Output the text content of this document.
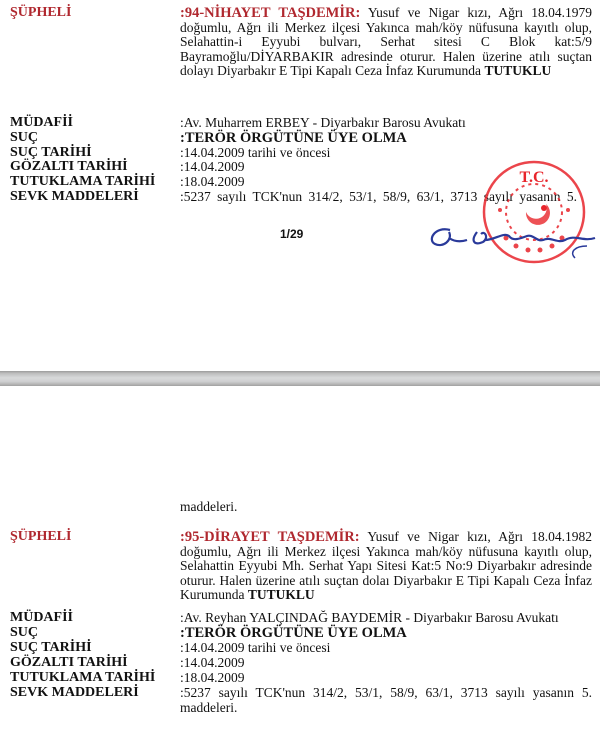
ŞÜPHELİ	:94-NİHAYET TAŞDEMİR: Yusuf ve Nigar kızı, Ağrı 18.04.1979 doğumlu, Ağrı ili Merkez ilçesi Yakınca mah/köy nüfusuna kayıtlı olup, Selahattin-i Eyyubi bulvarı, Serhat sitesi C Blok kat:5/9 Bayramoğlu/DİYARBAKIR adresinde oturur. Halen üzerine atılı suçtan dolayı Diyarbakır E Tipi Kapalı Ceza İnfaz Kurumunda TUTUKLU
MÜDAFİİ	:Av. Muharrem ERBEY - Diyarbakır Barosu Avukatı
SUÇ	:TERÖR ÖRGÜTÜNE ÜYE OLMA
SUÇ TARİHİ	:14.04.2009 tarihi ve öncesi
GÖZALTI TARİHİ	:14.04.2009
TUTUKLAMA TARİHİ :18.04.2009
SEVK MADDELERİ	:5237 sayılı TCK'nun 314/2, 53/1, 58/9, 63/1, 3713 sayılı yasanın 5.
1/29
T.C.
maddeleri.
ŞÜPHELİ	:95-DİRAYET TAŞDEMİR: Yusuf ve Nigar kızı, Ağrı 18.04.1982 doğumlu, Ağrı ili Merkez ilçesi Yakınca mah/köy nüfusuna kayıtlı olup, Selahattin Eyyubi Mh. Serhat Yapı Sitesi Kat:5 No:9 Diyarbakır adresinde oturur. Halen üzerine atılı suçtan dolaı Diyarbakır E Tipi Kapalı Ceza İnfaz Kurumunda TUTUKLU
MÜDAFİİ	:Av. Reyhan YALÇINDAĞ BAYDEMİR - Diyarbakır Barosu Avukatı
SUÇ	:TERÖR ÖRGÜTÜNE ÜYE OLMA
SUÇ TARİHİ	:14.04.2009 tarihi ve öncesi
GÖZALTI TARİHİ	:14.04.2009
TUTUKLAMA TARİHİ :18.04.2009
SEVK MADDELERİ	:5237 sayılı TCK'nun 314/2, 53/1, 58/9, 63/1, 3713 sayılı yasanın 5. maddeleri.
